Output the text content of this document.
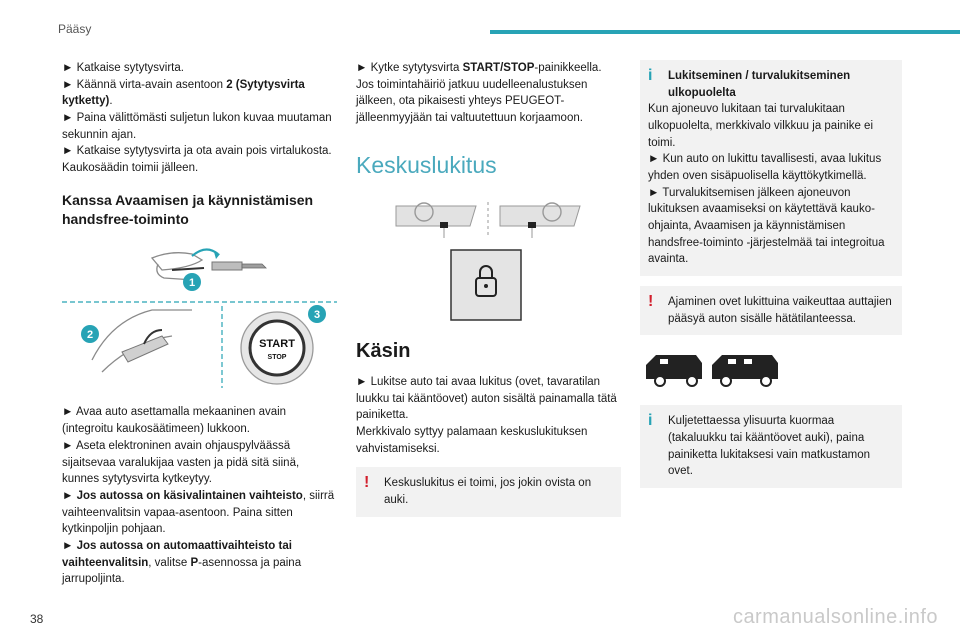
Pääsy

► Katkaise sytytysvirta.
► Käännä virta-avain asentoon 2 (Sytytysvirta kytketty).
► Paina välittömästi suljetun lukon kuvaa muutaman sekunnin ajan.
► Katkaise sytytysvirta ja ota avain pois virtalukosta.
Kaukosäädin toimii jälleen.

Kanssa Avaamisen ja käynnistämisen handsfree-toiminto
1
2
START
STOP
3

► Avaa auto asettamalla mekaaninen avain (integroitu kaukosäätimeen) lukkoon.
► Aseta elektroninen avain ohjauspylväässä sijaitsevaa varalukijaa vasten ja pidä sitä siinä, kunnes sytytysvirta kytkeytyy.
► Jos autossa on käsivalintainen vaihteisto, siirrä vaihteenvalitsin vapaa-asentoon. Paina sitten kytkinpoljin pohjaan.
► Jos autossa on automaattivaihteisto tai vaihteenvalitsin, valitse P-asennossa ja paina jarrupoljinta.

► Kytke sytytysvirta START/STOP-painikkeella. Jos toimintahäiriö jatkuu uudelleenalustuksen jälkeen, ota pikaisesti yhteys PEUGEOT-jälleenmyyjään tai valtuutettuun korjaamoon.

Keskuslukitus
Käsin

► Lukitse auto tai avaa lukitus (ovet, tavaratilan luukku tai kääntöovet) auton sisältä painamalla tätä painiketta.
Merkkivalo syttyy palamaan keskuslukituksen vahvistamiseksi.

!	Keskuslukitus ei toimi, jos jokin ovista on auki.
i	Lukitseminen / turvalukitseminen ulkopuolelta
Kun ajoneuvo lukitaan tai turvalukitaan ulkopuolelta, merkkivalo vilkkuu ja painike ei toimi.
► Kun auto on lukittu tavallisesti, avaa lukitus yhden oven sisäpuolisella käyttökytkimellä.
► Turvalukitsemisen jälkeen ajoneuvon lukituksen avaamiseksi on käytettävä kauko-ohjainta, Avaamisen ja käynnistämisen handsfree-toiminto -järjestelmää tai integroitua avainta.
!	Ajaminen ovet lukittuina vaikeuttaa auttajien pääsyä auton sisälle hätätilanteessa.
i	Kuljetettaessa ylisuurta kuormaa (takaluukku tai kääntöovet auki), paina painiketta lukitaksesi vain matkustamon ovet.
38	carmanualsonline.info
